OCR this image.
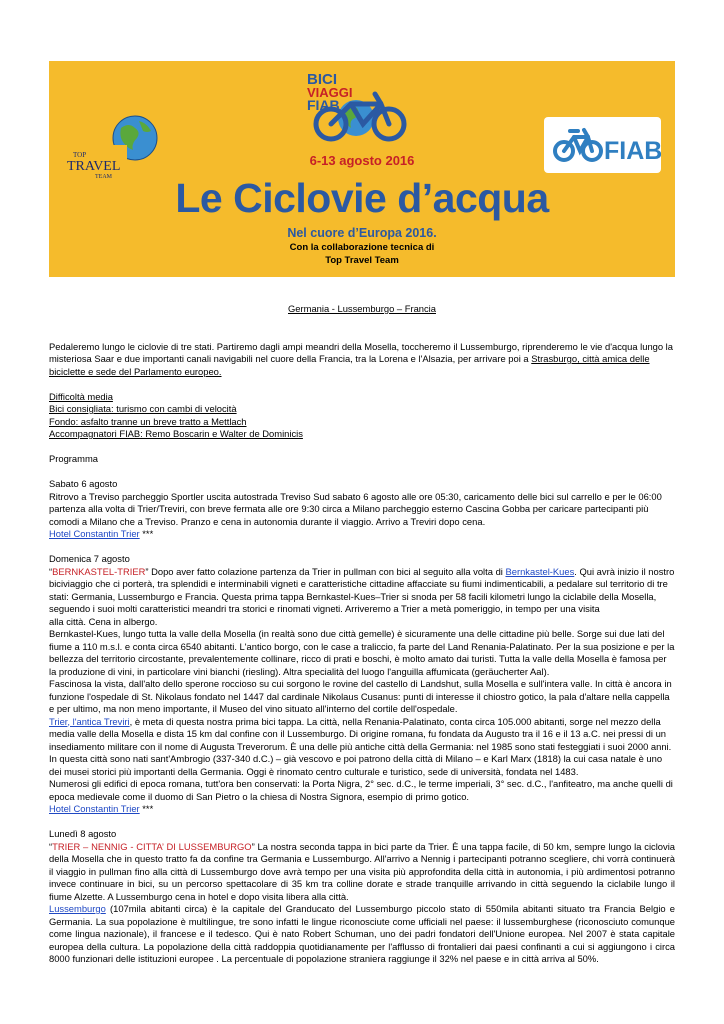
TOP
TRAVEL
TEAM
BICI
VIAGGI
FIAB
FIAB
6-13 agosto 2016
Le Ciclovie d’acqua
Nel cuore d’Europa 2016.
Con la collaborazione tecnica di
Top Travel Team

Germania - Lussemburgo – Francia

Pedaleremo lungo le ciclovie di tre stati. Partiremo dagli ampi meandri della Mosella, toccheremo il Lussemburgo, riprenderemo le vie d'acqua lungo la misteriosa Saar e due importanti canali navigabili nel cuore della Francia, tra la Lorena e l'Alsazia, per arrivare poi a Strasburgo, città amica delle biciclette e sede del Parlamento europeo.

Difficoltà media

Bici consigliata: turismo con cambi di velocità

Fondo: asfalto tranne un breve tratto a Mettlach

Accompagnatori FIAB: Remo Boscarin e Walter de Dominicis

Programma

Sabato 6 agosto

Ritrovo a Treviso parcheggio Sportler uscita autostrada Treviso Sud sabato 6 agosto alle ore 05:30, caricamento delle bici sul carrello e per le 06:00 partenza alla volta di Trier/Treviri, con breve fermata alle ore 9:30 circa a Milano parcheggio esterno Cascina Gobba per caricare partecipanti più comodi a Milano che a Treviso. Pranzo e cena in autonomia durante il viaggio. Arrivo a Treviri dopo cena.

Hotel Constantin Trier ***

Domenica 7 agosto

“BERNKASTEL-TRIER” Dopo aver fatto colazione partenza da Trier in pullman con bici al seguito alla volta di Bernkastel-Kues. Qui avrà inizio il nostro biciviaggio che ci porterà, tra splendidi e interminabili vigneti e caratteristiche cittadine affacciate su fiumi indimenticabili, a pedalare sul territorio di tre stati: Germania, Lussemburgo e Francia. Questa prima tappa Bernkastel-Kues–Trier si snoda per 58 facili kilometri lungo la ciclabile della Mosella, seguendo i suoi molti caratteristici meandri tra storici e rinomati vigneti. Arriveremo a Trier a metà pomeriggio, in tempo per una visita

alla città. Cena in albergo.

Bernkastel-Kues, lungo tutta la valle della Mosella (in realtà sono due città gemelle) è sicuramente una delle cittadine più belle. Sorge sui due lati del fiume a 110 m.s.l. e conta circa 6540 abitanti. L'antico borgo, con le case a traliccio, fa parte del Land Renania-Palatinato. Per la sua posizione e per la bellezza del territorio circostante, prevalentemente collinare, ricco di prati e boschi, è molto amato dai turisti. Tutta la valle della Mosella è famosa per la produzione di vini, in particolare vini bianchi (riesling). Altra specialità del luogo l'anguilla affumicata (geräucherter Aal).

Fascinosa la vista, dall'alto dello sperone roccioso su cui sorgono le rovine del castello di Landshut, sulla Mosella e sull'intera valle. In città è ancora in funzione l'ospedale di St. Nikolaus fondato nel 1447 dal cardinale Nikolaus Cusanus: punti di interesse il chiostro gotico, la pala d'altare nella cappella e per ultimo, ma non meno importante, il Museo del vino situato all'interno del cortile dell'ospedale.

Trier, l'antica Treviri, è meta di questa nostra prima bici tappa. La città, nella Renania-Palatinato, conta circa 105.000 abitanti, sorge nel mezzo della media valle della Mosella e dista 15 km dal confine con il Lussemburgo. Di origine romana, fu fondata da Augusto tra il 16 e il 13 a.C. nei pressi di un insediamento militare con il nome di Augusta Treverorum. È una delle più antiche città della Germania: nel 1985 sono stati festeggiati i suoi 2000 anni. In questa città sono nati sant'Ambrogio (337-340 d.C.) – già vescovo e poi patrono della città di Milano – e Karl Marx (1818) la cui casa natale è uno dei musei storici più importanti della Germania. Oggi è rinomato centro culturale e turistico, sede di università, fondata nel 1483.

Numerosi gli edifici di epoca romana, tutt'ora ben conservati: la Porta Nigra, 2° sec. d.C., le terme imperiali, 3° sec. d.C., l'anfiteatro, ma anche quelli di epoca medievale come il duomo di San Pietro o la chiesa di Nostra Signora, esempio di primo gotico.

Hotel Constantin Trier ***

Lunedì 8 agosto

“TRIER – NENNIG - CITTA’ DI LUSSEMBURGO” La nostra seconda tappa in bici parte da Trier. È una tappa facile, di 50 km, sempre lungo la ciclovia della Mosella che in questo tratto fa da confine tra Germania e Lussemburgo. All'arrivo a Nennig i partecipanti potranno scegliere, chi vorrà continuerà il viaggio in pullman fino alla città di Lussemburgo dove avrà tempo per una visita più approfondita della città in autonomia, i più ardimentosi potranno invece continuare in bici, su un percorso spettacolare di 35 km tra colline dorate e strade tranquille arrivando in città seguendo la ciclabile lungo il fiume Alzette. A Lussemburgo cena in hotel e dopo visita libera alla città.

Lussemburgo (107mila abitanti circa) è la capitale del Granducato del Lussemburgo piccolo stato di 550mila abitanti situato tra Francia Belgio e Germania. La sua popolazione è multilingue, tre sono infatti le lingue riconosciute come ufficiali nel paese: il lussemburghese (riconosciuto comunque come lingua nazionale), il francese e il tedesco. Qui è nato Robert Schuman, uno dei padri fondatori dell'Unione europea. Nel 2007 è stata capitale europea della cultura. La popolazione della città raddoppia quotidianamente per l'afflusso di frontalieri dai paesi confinanti a cui si aggiungono i circa 8000 funzionari delle istituzioni europee . La percentuale di popolazione straniera raggiunge il 32% nel paese e in città arriva al 50%.
